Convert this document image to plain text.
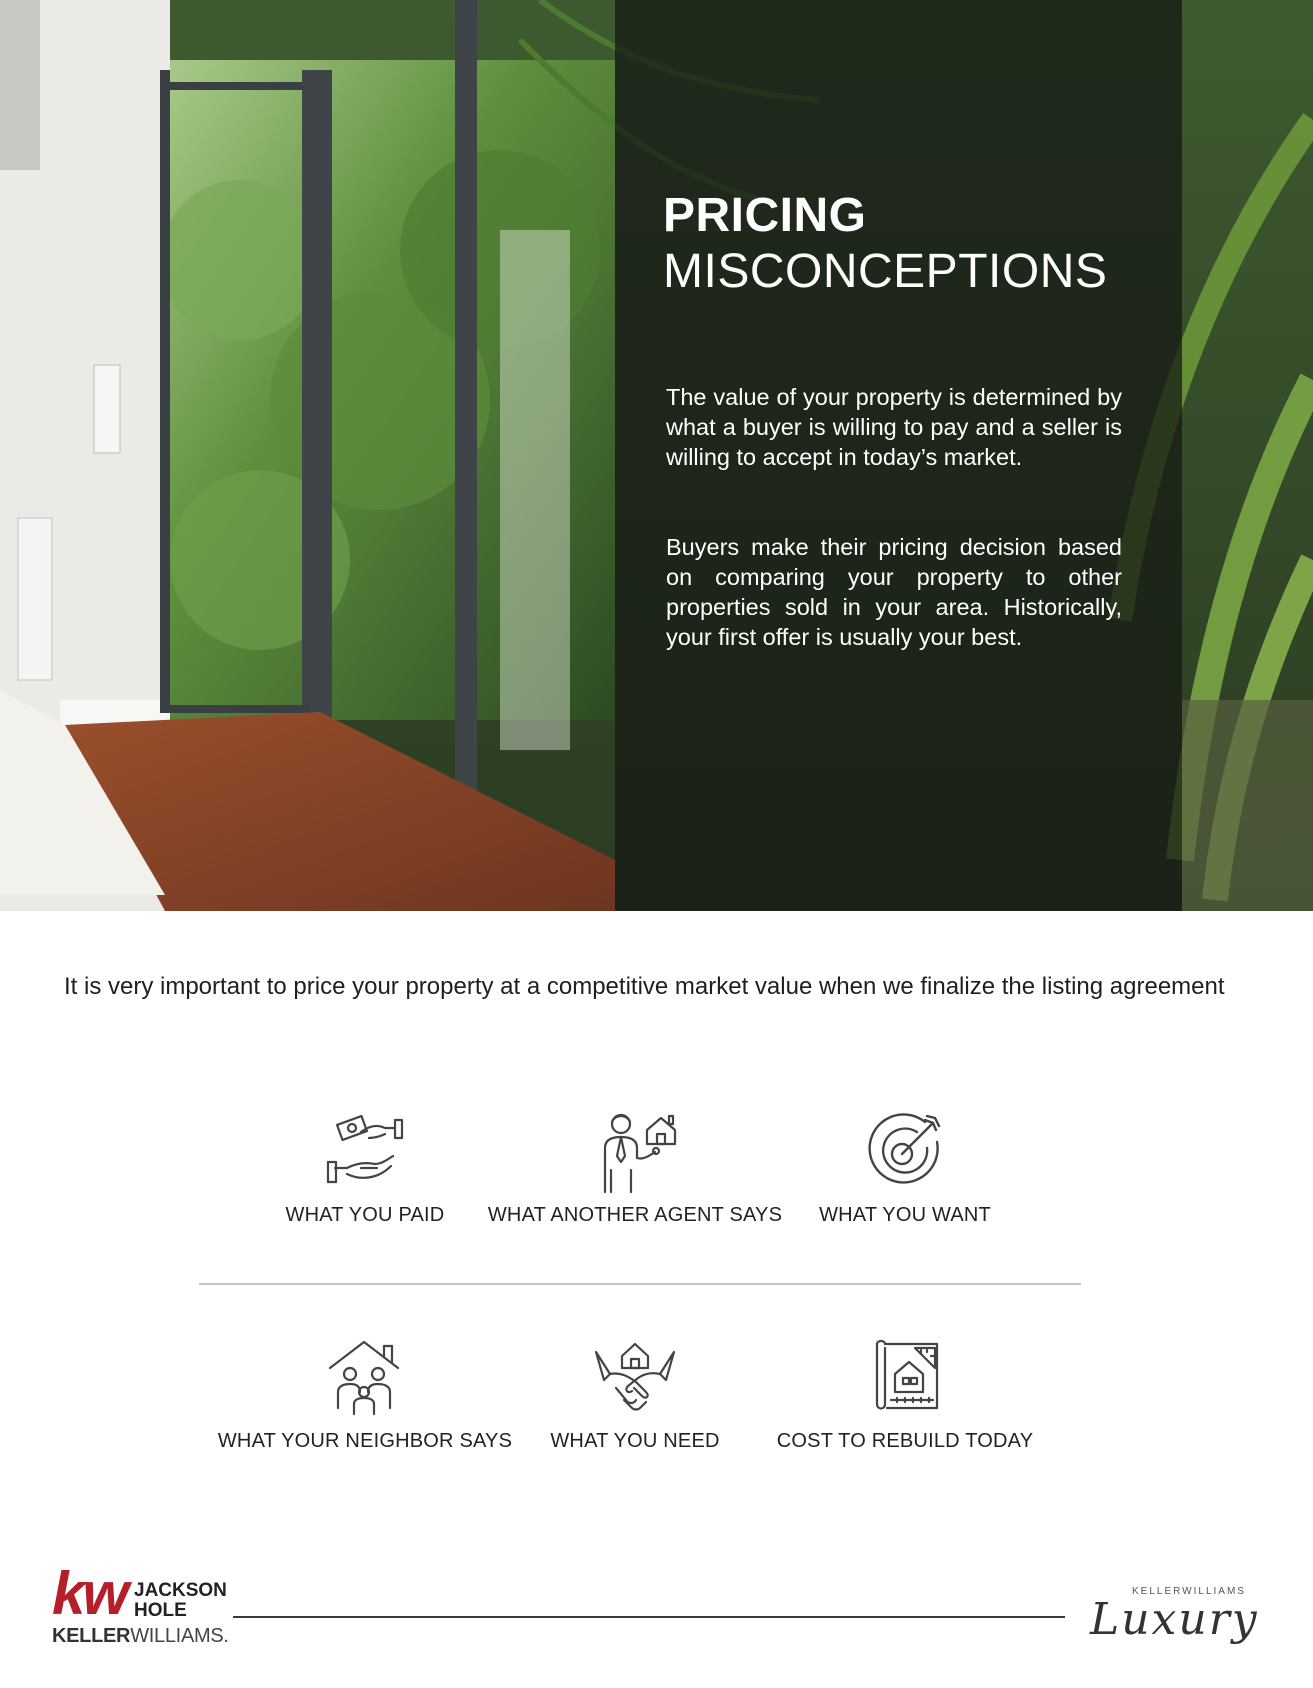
PRICING
MISCONCEPTIONS

The value of your property is determined by what a buyer is willing to pay and a seller is willing to accept in today’s market.

Buyers make their pricing decision based on comparing your property to other properties sold in your area. Historically, your first offer is usually your best.

It is very important to price your property at a competitive market value when we finalize the listing agreement

WHAT YOU PAID	WHAT ANOTHER AGENT SAYS	WHAT YOU WANT
WHAT YOUR NEIGHBOR SAYS	WHAT YOU NEED	COST TO REBUILD TODAY
kw JACKSON
HOLE
KELLERWILLIAMS.
KELLERWILLIAMS
Luxury
